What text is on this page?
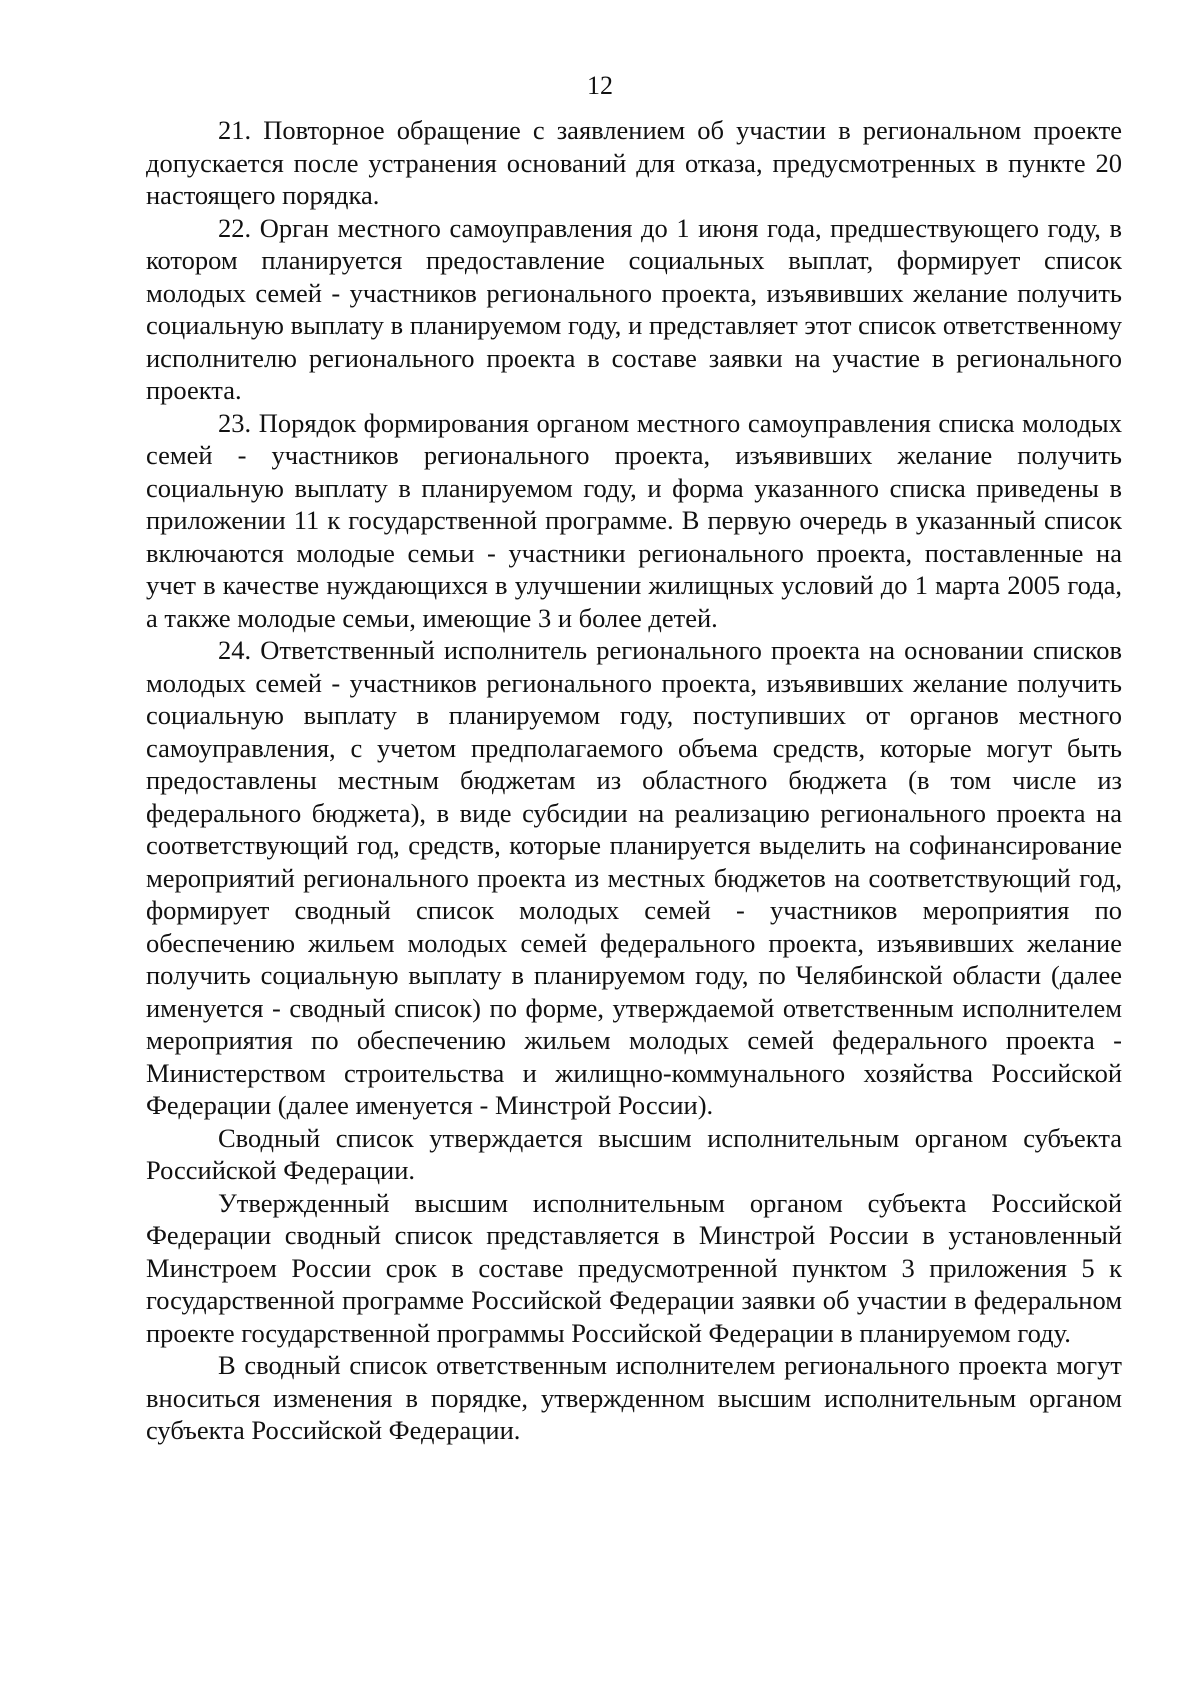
12

21. Повторное обращение с заявлением об участии в региональном проекте допускается после устранения оснований для отказа, предусмотренных в пункте 20 настоящего порядка.

22. Орган местного самоуправления до 1 июня года, предшествующего году, в котором планируется предоставление социальных выплат, формирует список молодых семей - участников регионального проекта, изъявивших желание получить социальную выплату в планируемом году, и представляет этот список ответственному исполнителю регионального проекта в составе заявки на участие в регионального проекта.

23. Порядок формирования органом местного самоуправления списка молодых семей - участников регионального проекта, изъявивших желание получить социальную выплату в планируемом году, и форма указанного списка приведены в приложении 11 к государственной программе. В первую очередь в указанный список включаются молодые семьи - участники регионального проекта, поставленные на учет в качестве нуждающихся в улучшении жилищных условий до 1 марта 2005 года, а также молодые семьи, имеющие 3 и более детей.

24. Ответственный исполнитель регионального проекта на основании списков молодых семей - участников регионального проекта, изъявивших желание получить социальную выплату в планируемом году, поступивших от органов местного самоуправления, с учетом предполагаемого объема средств, которые могут быть предоставлены местным бюджетам из областного бюджета (в том числе из федерального бюджета), в виде субсидии на реализацию регионального проекта на соответствующий год, средств, которые планируется выделить на софинансирование мероприятий регионального проекта из местных бюджетов на соответствующий год, формирует сводный список молодых семей - участников мероприятия по обеспечению жильем молодых семей федерального проекта, изъявивших желание получить социальную выплату в планируемом году, по Челябинской области (далее именуется - сводный список) по форме, утверждаемой ответственным исполнителем мероприятия по обеспечению жильем молодых семей федерального проекта - Министерством строительства и жилищно-коммунального хозяйства Российской Федерации (далее именуется - Минстрой России).

Сводный список утверждается высшим исполнительным органом субъекта Российской Федерации.

Утвержденный высшим исполнительным органом субъекта Российской Федерации сводный список представляется в Минстрой России в установленный Минстроем России срок в составе предусмотренной пунктом 3 приложения 5 к государственной программе Российской Федерации заявки об участии в федеральном проекте государственной программы Российской Федерации в планируемом году.

В сводный список ответственным исполнителем регионального проекта могут вноситься изменения в порядке, утвержденном высшим исполнительным органом субъекта Российской Федерации.
